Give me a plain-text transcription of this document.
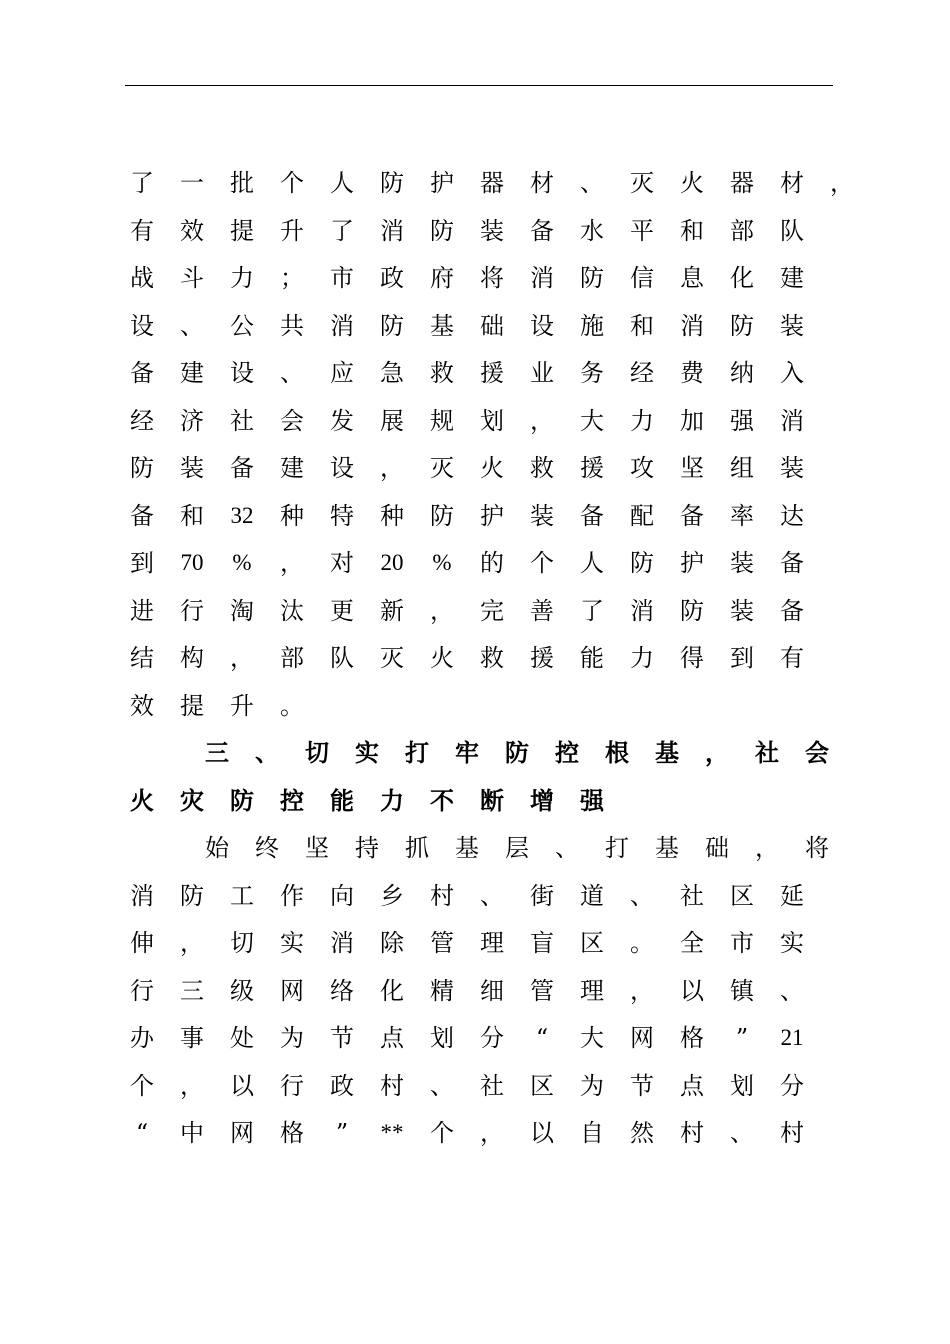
了	一	批	个	人	防	护	器	材	、	灭	火	器	材	，
有	效	提	升	了	消	防	装	备	水	平	和	部	队
战	斗	力	；	市	政	府	将	消	防	信	息	化	建
设	、	公	共	消	防	基	础	设	施	和	消	防	装
备	建	设	、	应	急	救	援	业	务	经	费	纳	入
经	济	社	会	发	展	规	划	，	大	力	加	强	消
防	装	备	建	设	，	灭	火	救	援	攻	坚	组	装
备	和	32	种	特	种	防	护	装	备	配	备	率	达
到	70	%	，	对	20	%	的	个	人	防	护	装	备
进	行	淘	汰	更	新	，	完	善	了	消	防	装	备
结	构	，	部	队	灭	火	救	援	能	力	得	到	有
效	提	升	。
三	、	切	实	打	牢	防	控	根	基	，	社	会
火	灾	防	控	能	力	不	断	增	强
始	终	坚	持	抓	基	层	、	打	基	础	，	将
消	防	工	作	向	乡	村	、	街	道	、	社	区	延
伸	，	切	实	消	除	管	理	盲	区	。	全	市	实
行	三	级	网	络	化	精	细	管	理	，	以	镇	、
办	事	处	为	节	点	划	分	“	大	网	格	”	21
个	，	以	行	政	村	、	社	区	为	节	点	划	分
“	中	网	格	”	**	个	，	以	自	然	村	、	村
